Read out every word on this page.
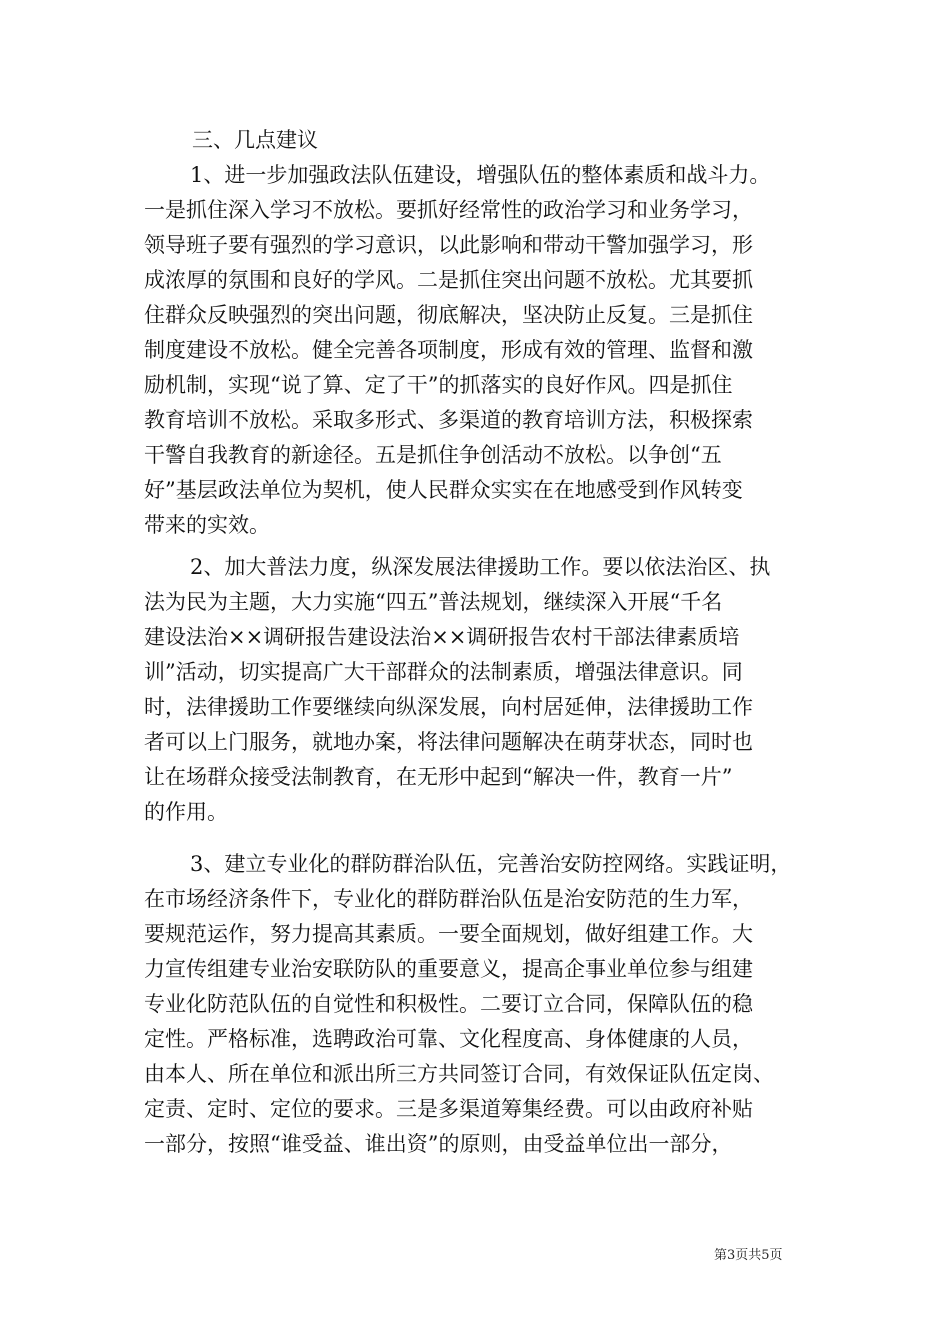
三、几点建议
1、进一步加强政法队伍建设，增强队伍的整体素质和战斗力。
一是抓住深入学习不放松。要抓好经常性的政治学习和业务学习，
领导班子要有强烈的学习意识，以此影响和带动干警加强学习，形
成浓厚的氛围和良好的学风。二是抓住突出问题不放松。尤其要抓
住群众反映强烈的突出问题，彻底解决，坚决防止反复。三是抓住
制度建设不放松。健全完善各项制度，形成有效的管理、监督和激
励机制，实现“说了算、定了干”的抓落实的良好作风。四是抓住
教育培训不放松。采取多形式、多渠道的教育培训方法，积极探索
干警自我教育的新途径。五是抓住争创活动不放松。以争创“五
好”基层政法单位为契机，使人民群众实实在在地感受到作风转变
带来的实效。
2、加大普法力度，纵深发展法律援助工作。要以依法治区、执
法为民为主题，大力实施“四五”普法规划，继续深入开展“千名
建设法治××调研报告建设法治××调研报告农村干部法律素质培
训”活动，切实提高广大干部群众的法制素质，增强法律意识。同
时，法律援助工作要继续向纵深发展，向村居延伸，法律援助工作
者可以上门服务，就地办案，将法律问题解决在萌芽状态，同时也
让在场群众接受法制教育，在无形中起到“解决一件，教育一片”
的作用。
3、建立专业化的群防群治队伍，完善治安防控网络。实践证明，
在市场经济条件下，专业化的群防群治队伍是治安防范的生力军，
要规范运作，努力提高其素质。一要全面规划，做好组建工作。大
力宣传组建专业治安联防队的重要意义，提高企事业单位参与组建
专业化防范队伍的自觉性和积极性。二要订立合同，保障队伍的稳
定性。严格标准，选聘政治可靠、文化程度高、身体健康的人员，
由本人、所在单位和派出所三方共同签订合同，有效保证队伍定岗、
定责、定时、定位的要求。三是多渠道筹集经费。可以由政府补贴
一部分，按照“谁受益、谁出资”的原则，由受益单位出一部分，
第3页共5页
